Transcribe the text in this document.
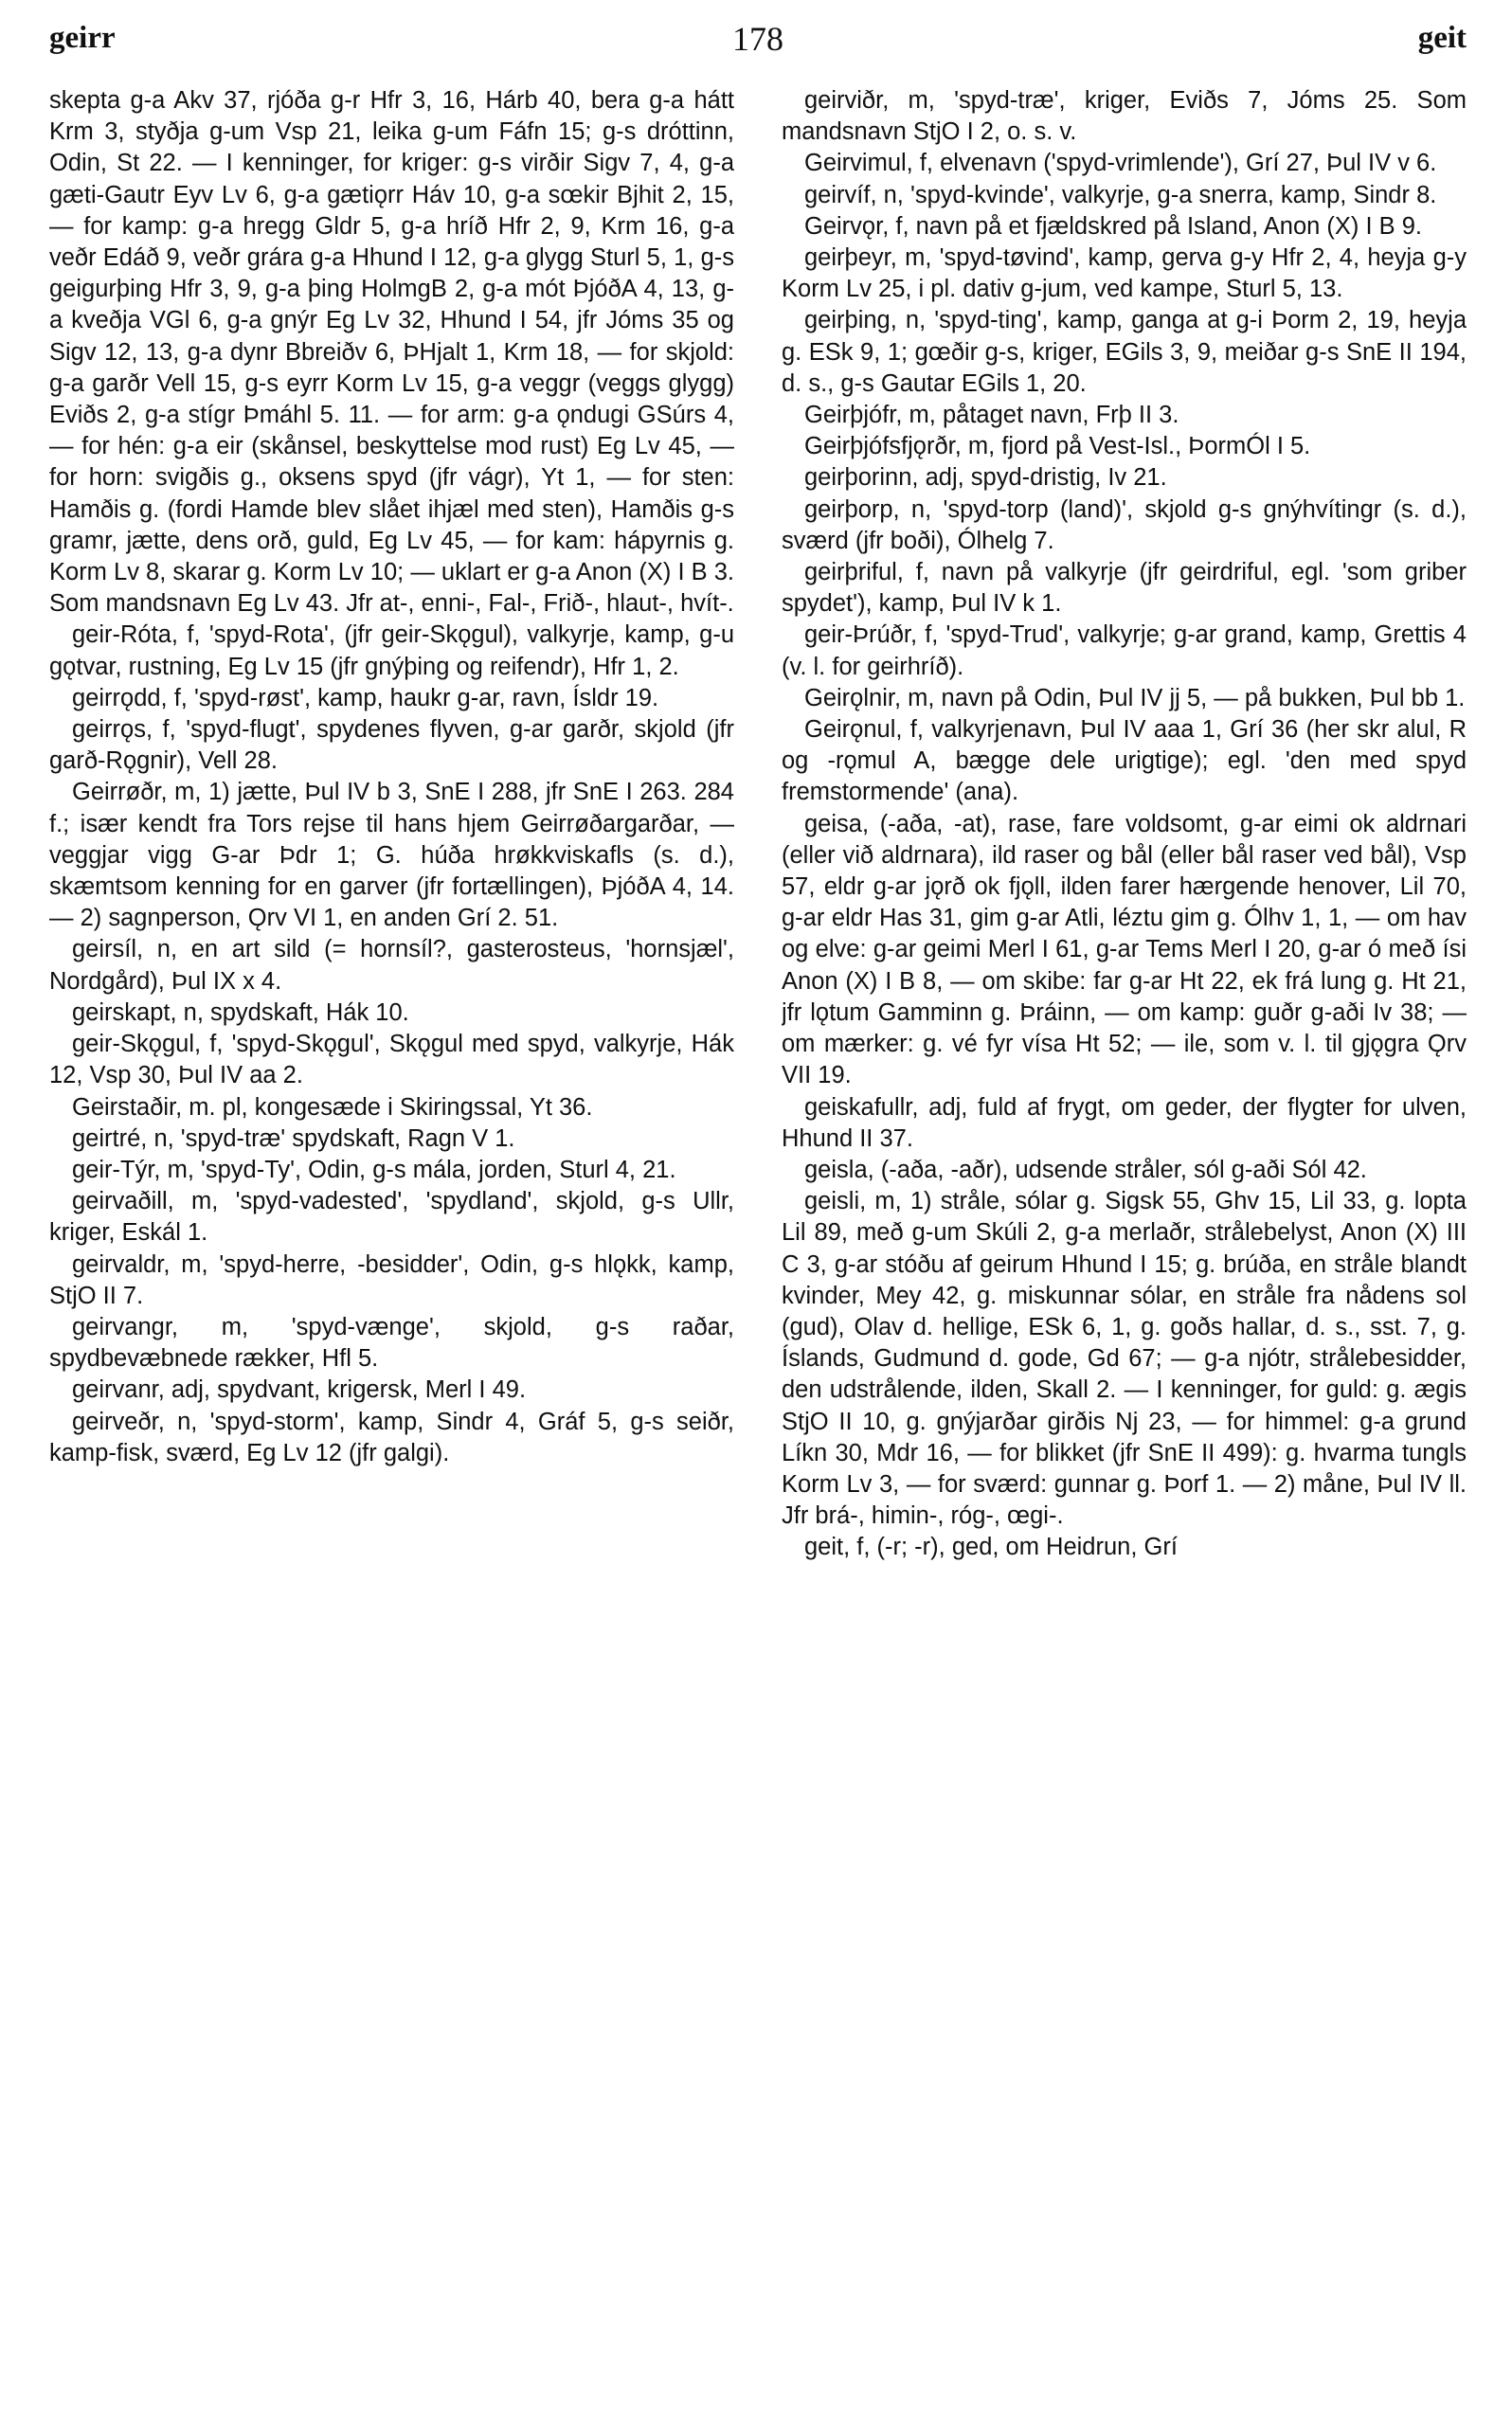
geirr	178	geit

skepta g-a Akv 37, rjóða g-r Hfr 3, 16, Hárb 40, bera g-a hátt Krm 3, styðja g-um Vsp 21, leika g-um Fáfn 15; g-s dróttinn, Odin, St 22. — I kenninger, for kriger: g-s virðir Sigv 7, 4, g-a gæti-Gautr Eyv Lv 6, g-a gætiǫrr Háv 10, g-a sœkir Bjhit 2, 15, — for kamp: g-a hregg Gldr 5, g-a hríð Hfr 2, 9, Krm 16, g-a veðr Edáð 9, veðr grára g-a Hhund I 12, g-a glygg Sturl 5, 1, g-s geigurþing Hfr 3, 9, g-a þing HolmgB 2, g-a mót ÞjóðA 4, 13, g-a kveðja VGl 6, g-a gnýr Eg Lv 32, Hhund I 54, jfr Jóms 35 og Sigv 12, 13, g-a dynr Bbreiðv 6, ÞHjalt 1, Krm 18, — for skjold: g-a garðr Vell 15, g-s eyrr Korm Lv 15, g-a veggr (veggs glygg) Eviðs 2, g-a stígr Þmáhl 5. 11. — for arm: g-a ǫndugi GSúrs 4, — for hén: g-a eir (skånsel, beskyttelse mod rust) Eg Lv 45, — for horn: svigðis g., oksens spyd (jfr vágr), Yt 1, — for sten: Hamðis g. (fordi Hamde blev slået ihjæl med sten), Hamðis g-s gramr, jætte, dens orð, guld, Eg Lv 45, — for kam: hápyrnis g. Korm Lv 8, skarar g. Korm Lv 10; — uklart er g-a Anon (X) I B 3. Som mandsnavn Eg Lv 43. Jfr at-, enni-, Fal-, Frið-, hlaut-, hvít-.

geir-Róta, f, 'spyd-Rota', (jfr geir-Skǫgul), valkyrje, kamp, g-u gǫtvar, rustning, Eg Lv 15 (jfr gnýþing og reifendr), Hfr 1, 2.

geirrǫdd, f, 'spyd-røst', kamp, haukr g-ar, ravn, Ísldr 19.

geirrǫs, f, 'spyd-flugt', spydenes flyven, g-ar garðr, skjold (jfr garð-Rǫgnir), Vell 28.

Geirrøðr, m, 1) jætte, Þul IV b 3, SnE I 288, jfr SnE I 263. 284 f.; især kendt fra Tors rejse til hans hjem Geirrøðargarðar, — veggjar vigg G-ar Þdr 1; G. húða hrøkkviskafls (s. d.), skæmtsom kenning for en garver (jfr fortællingen), ÞjóðA 4, 14. — 2) sagnperson, Ǫrv VI 1, en anden Grí 2. 51.

geirsíl, n, en art sild (= hornsíl?, gasterosteus, 'hornsjæl', Nordgård), Þul IX x 4.

geirskapt, n, spydskaft, Hák 10.

geir-Skǫgul, f, 'spyd-Skǫgul', Skǫgul med spyd, valkyrje, Hák 12, Vsp 30, Þul IV aa 2.

Geirstaðir, m. pl, kongesæde i Skiringssal, Yt 36.

geirtré, n, 'spyd-træ' spydskaft, Ragn V 1.

geir-Týr, m, 'spyd-Ty', Odin, g-s mála, jorden, Sturl 4, 21.

geirvaðill, m, 'spyd-vadested', 'spydland', skjold, g-s Ullr, kriger, Eskál 1.

geirvaldr, m, 'spyd-herre, -besidder', Odin, g-s hlǫkk, kamp, StjO II 7.

geirvangr, m, 'spyd-vænge', skjold, g-s raðar, spydbevæbnede rækker, Hfl 5.

geirvanr, adj, spydvant, krigersk, Merl I 49.

geirveðr, n, 'spyd-storm', kamp, Sindr 4, Gráf 5, g-s seiðr, kamp-fisk, sværd, Eg Lv 12 (jfr galgi).

geirviðr, m, 'spyd-træ', kriger, Eviðs 7, Jóms 25. Som mandsnavn StjO I 2, o. s. v.

Geirvimul, f, elvenavn ('spyd-vrimlende'), Grí 27, Þul IV v 6.

geirvíf, n, 'spyd-kvinde', valkyrje, g-a snerra, kamp, Sindr 8.

Geirvǫr, f, navn på et fjældskred på Island, Anon (X) I B 9.

geirþeyr, m, 'spyd-tøvind', kamp, gerva g-y Hfr 2, 4, heyja g-y Korm Lv 25, i pl. dativ g-jum, ved kampe, Sturl 5, 13.

geirþing, n, 'spyd-ting', kamp, ganga at g-i Þorm 2, 19, heyja g. ESk 9, 1; gœðir g-s, kriger, EGils 3, 9, meiðar g-s SnE II 194, d. s., g-s Gautar EGils 1, 20.

Geirþjófr, m, påtaget navn, Frþ II 3.

Geirþjófsfjǫrðr, m, fjord på Vest-Isl., ÞormÓl I 5.

geirþorinn, adj, spyd-dristig, Iv 21.

geirþorp, n, 'spyd-torp (land)', skjold g-s gnýhvítingr (s. d.), sværd (jfr boði), Ólhelg 7.

geirþriful, f, navn på valkyrje (jfr geirdriful, egl. 'som griber spydet'), kamp, Þul IV k 1.

geir-Þrúðr, f, 'spyd-Trud', valkyrje; g-ar grand, kamp, Grettis 4 (v. l. for geirhríð).

Geirǫlnir, m, navn på Odin, Þul IV jj 5, — på bukken, Þul bb 1.

Geirǫnul, f, valkyrjenavn, Þul IV aaa 1, Grí 36 (her skr alul, R og -rǫmul A, bægge dele urigtige); egl. 'den med spyd fremstormende' (ana).

geisa, (-aða, -at), rase, fare voldsomt, g-ar eimi ok aldrnari (eller við aldrnara), ild raser og bål (eller bål raser ved bål), Vsp 57, eldr g-ar jǫrð ok fjǫll, ilden farer hærgende henover, Lil 70, g-ar eldr Has 31, gim g-ar Atli, léztu gim g. Ólhv 1, 1, — om hav og elve: g-ar geimi Merl I 61, g-ar Tems Merl I 20, g-ar ó með ísi Anon (X) I B 8, — om skibe: far g-ar Ht 22, ek frá lung g. Ht 21, jfr lǫtum Gamminn g. Þráinn, — om kamp: guðr g-aði Iv 38; — om mærker: g. vé fyr vísa Ht 52; — ile, som v. l. til gjǫgra Ǫrv VII 19.

geiskafullr, adj, fuld af frygt, om geder, der flygter for ulven, Hhund II 37.

geisla, (-aða, -aðr), udsende stråler, sól g-aði Sól 42.

geisli, m, 1) stråle, sólar g. Sigsk 55, Ghv 15, Lil 33, g. lopta Lil 89, með g-um Skúli 2, g-a merlaðr, strålebelyst, Anon (X) III C 3, g-ar stóðu af geirum Hhund I 15; g. brúða, en stråle blandt kvinder, Mey 42, g. miskunnar sólar, en stråle fra nådens sol (gud), Olav d. hellige, ESk 6, 1, g. goðs hallar, d. s., sst. 7, g. Íslands, Gudmund d. gode, Gd 67; — g-a njótr, strålebesidder, den udstrålende, ilden, Skall 2. — I kenninger, for guld: g. ægis StjO II 10, g. gnýjarðar girðis Nj 23, — for himmel: g-a grund Líkn 30, Mdr 16, — for blikket (jfr SnE II 499): g. hvarma tungls Korm Lv 3, — for sværd: gunnar g. Þorf 1. — 2) måne, Þul IV ll. Jfr brá-, himin-, róg-, œgi-.

geit, f, (-r; -r), ged, om Heidrun, Grí
